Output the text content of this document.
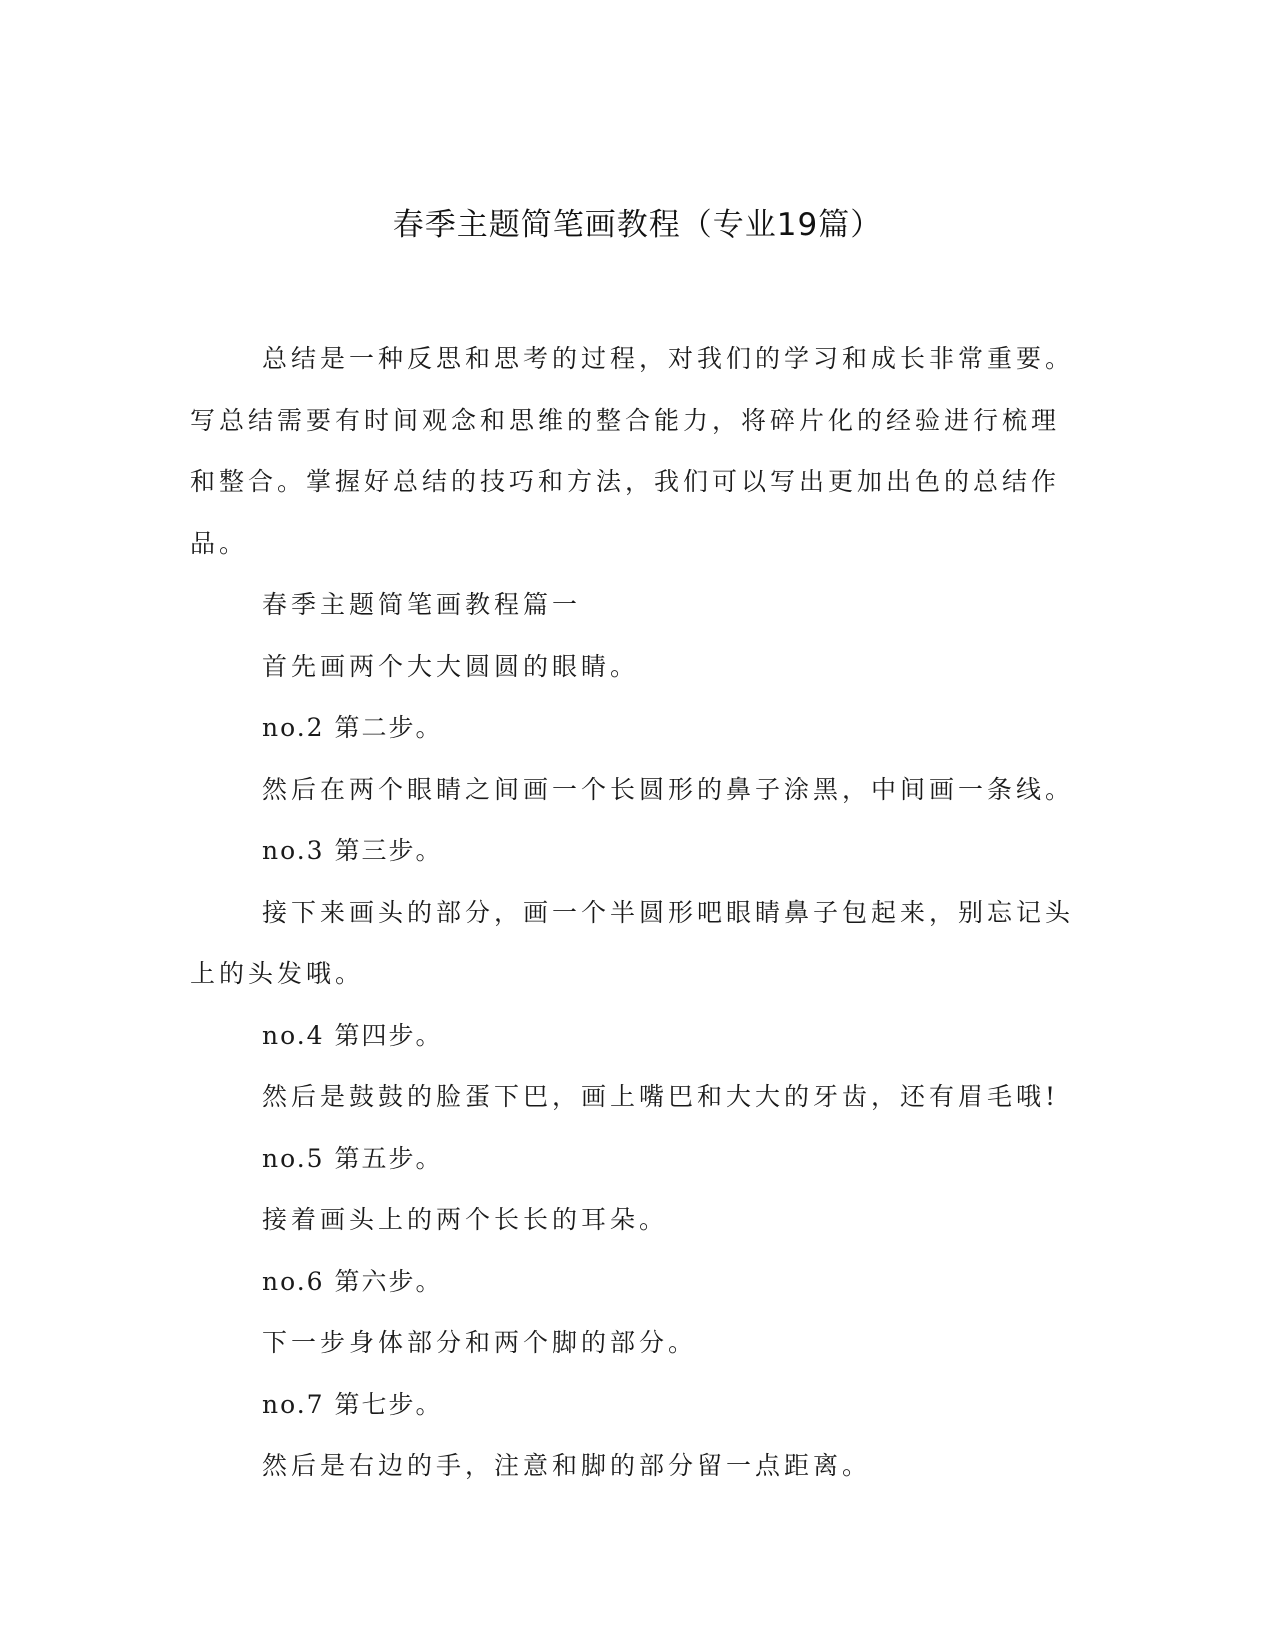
春季主题简笔画教程（专业19篇）

总结是一种反思和思考的过程，对我们的学习和成长非常重要。写总结需要有时间观念和思维的整合能力，将碎片化的经验进行梳理和整合。掌握好总结的技巧和方法，我们可以写出更加出色的总结作品。

春季主题简笔画教程篇一

首先画两个大大圆圆的眼睛。

no.2 第二步。

然后在两个眼睛之间画一个长圆形的鼻子涂黑，中间画一条线。

no.3 第三步。

接下来画头的部分，画一个半圆形吧眼睛鼻子包起来，别忘记头上的头发哦。

no.4 第四步。

然后是鼓鼓的脸蛋下巴，画上嘴巴和大大的牙齿，还有眉毛哦!

no.5 第五步。

接着画头上的两个长长的耳朵。

no.6 第六步。

下一步身体部分和两个脚的部分。

no.7 第七步。

然后是右边的手，注意和脚的部分留一点距离。
